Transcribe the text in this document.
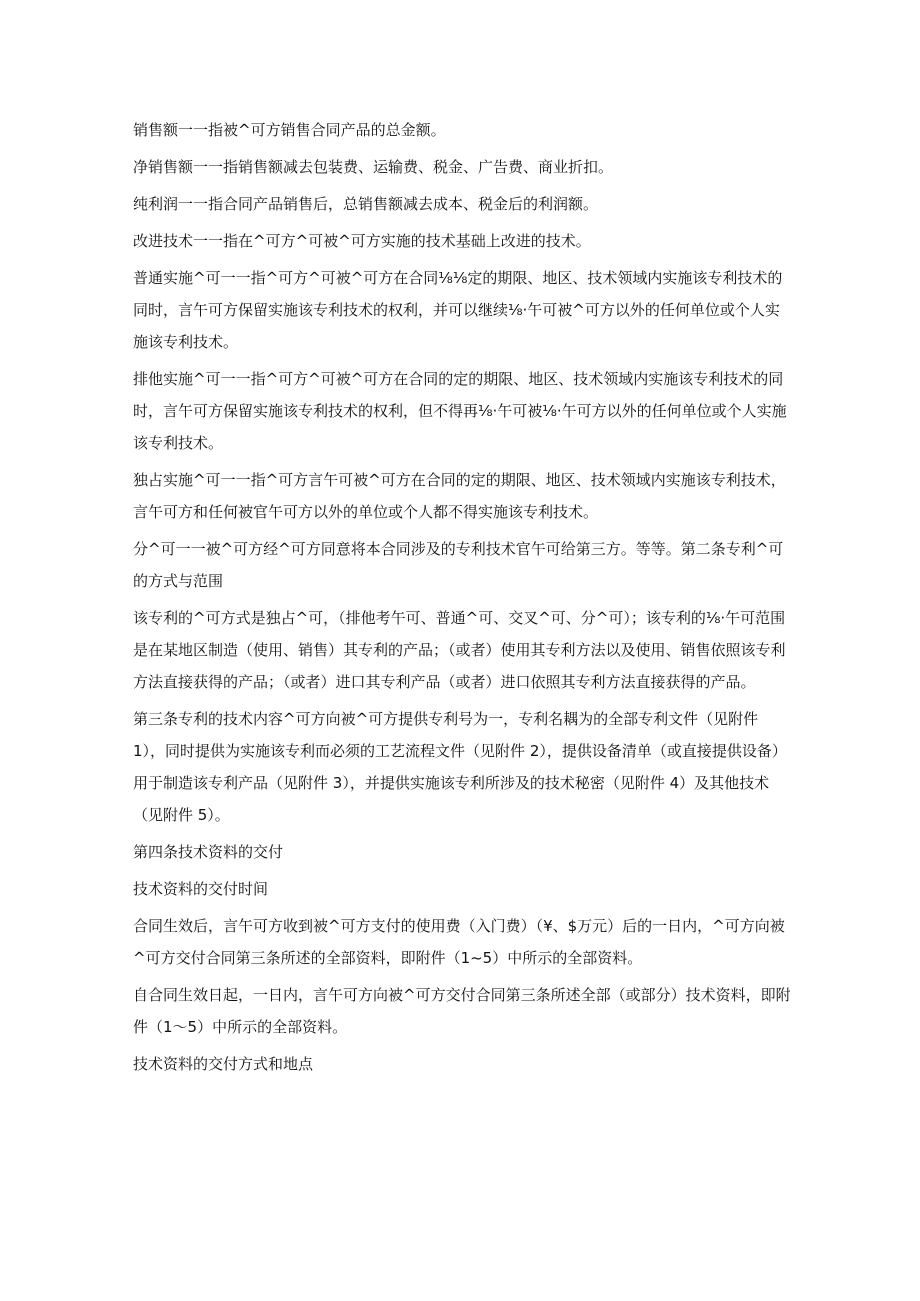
销售额一一指被^可方销售合同产品的总金额。

净销售额一一指销售额减去包装费、运输费、税金、广告费、商业折扣。

纯利润一一指合同产品销售后，总销售额减去成本、税金后的利润额。

改进技术一一指在^可方^可被^可方实施的技术基础上改进的技术。

普通实施^可一一指^可方^可被^可方在合同⅛⅛定的期限、地区、技术领域内实施该专利技术的同时，言午可方保留实施该专利技术的权利，并可以继续⅛·午可被^可方以外的任何单位或个人实施该专利技术。

排他实施^可一一指^可方^可被^可方在合同的定的期限、地区、技术领域内实施该专利技术的同时，言午可方保留实施该专利技术的权利，但不得再⅛·午可被⅛·午可方以外的任何单位或个人实施该专利技术。

独占实施^可一一指^可方言午可被^可方在合同的定的期限、地区、技术领域内实施该专利技术，言午可方和任何被官午可方以外的单位或个人都不得实施该专利技术。

分^可一一被^可方经^可方同意将本合同涉及的专利技术官午可给第三方。等等。第二条专利^可的方式与范围

该专利的^可方式是独占^可，（排他考午可、普通^可、交叉^可、分^可）；该专利的⅛·午可范围是在某地区制造（使用、销售）其专利的产品；（或者）使用其专利方法以及使用、销售依照该专利方法直接获得的产品；（或者）进口其专利产品（或者）进口依照其专利方法直接获得的产品。

第三条专利的技术内容^可方向被^可方提供专利号为一，专利名耦为的全部专利文件（见附件 1），同时提供为实施该专利而必须的工艺流程文件（见附件 2），提供设备清单（或直接提供设备）用于制造该专利产品（见附件 3），并提供实施该专利所涉及的技术秘密（见附件 4）及其他技术（见附件 5）。

第四条技术资料的交付

技术资料的交付时间

合同生效后，言午可方收到被^可方支付的使用费（入门费）（¥、$万元）后的一日内，^可方向被^可方交付合同第三条所述的全部资料，即附件（1~5）中所示的全部资料。

自合同生效日起，一日内，言午可方向被^可方交付合同第三条所述全部（或部分）技术资料，即附件（1〜5）中所示的全部资料。

技术资料的交付方式和地点
